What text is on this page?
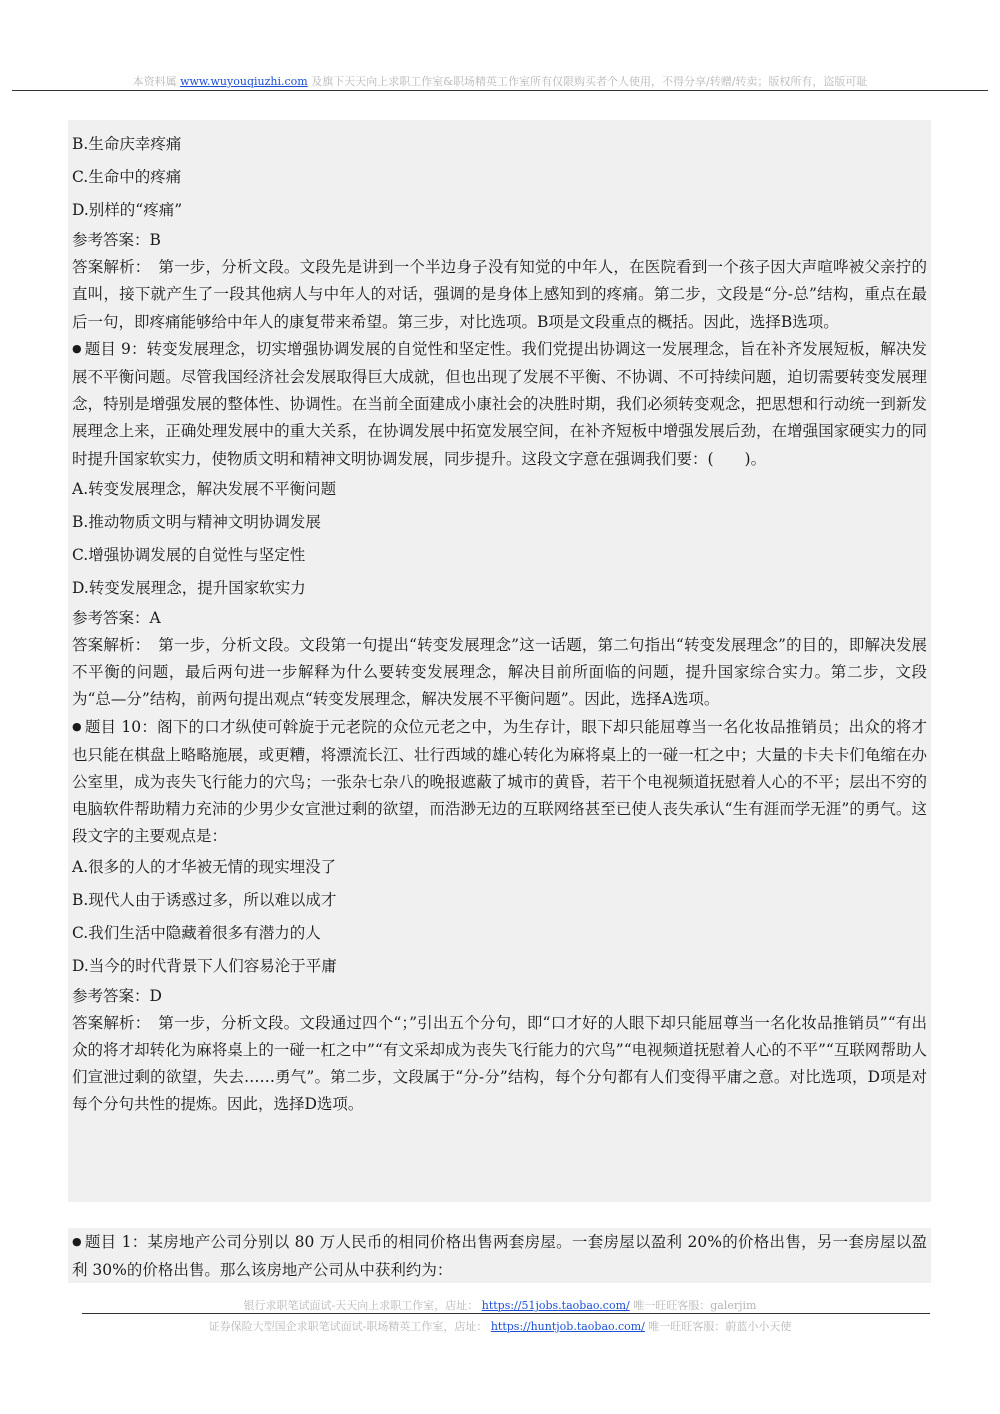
本资料属 www.wuyouqiuzhi.com 及旗下天天向上求职工作室&职场精英工作室所有仅限购买者个人使用，不得分享/转赠/转卖；版权所有，盗版可耻
B.生命庆幸疼痛
C.生命中的疼痛
D.别样的“疼痛”
参考答案：B
答案解析：　第一步，分析文段。文段先是讲到一个半边身子没有知觉的中年人，在医院看到一个孩子因大声喧哗被父亲拧的直叫，接下就产生了一段其他病人与中年人的对话，强调的是身体上感知到的疼痛。第二步，文段是“分-总”结构，重点在最后一句，即疼痛能够给中年人的康复带来希望。第三步，对比选项。B项是文段重点的概括。因此，选择B选项。
● 题目 9：转变发展理念，切实增强协调发展的自觉性和坚定性。我们党提出协调这一发展理念，旨在补齐发展短板，解决发展不平衡问题。尽管我国经济社会发展取得巨大成就，但也出现了发展不平衡、不协调、不可持续问题，迫切需要转变发展理念，特别是增强发展的整体性、协调性。在当前全面建成小康社会的决胜时期，我们必须转变观念，把思想和行动统一到新发展理念上来，正确处理发展中的重大关系，在协调发展中拓宽发展空间，在补齐短板中增强发展后劲，在增强国家硬实力的同时提升国家软实力，使物质文明和精神文明协调发展，同步提升。这段文字意在强调我们要：(　　)。
A.转变发展理念，解决发展不平衡问题
B.推动物质文明与精神文明协调发展
C.增强协调发展的自觉性与坚定性
D.转变发展理念，提升国家软实力
参考答案：A
答案解析：　第一步，分析文段。文段第一句提出“转变发展理念”这一话题，第二句指出“转变发展理念”的目的，即解决发展不平衡的问题，最后两句进一步解释为什么要转变发展理念，解决目前所面临的问题，提升国家综合实力。第二步，文段为“总—分”结构，前两句提出观点“转变发展理念，解决发展不平衡问题”。因此，选择A选项。
● 题目 10：阁下的口才纵使可斡旋于元老院的众位元老之中，为生存计，眼下却只能屈尊当一名化妆品推销员；出众的将才也只能在棋盘上略略施展，或更糟，将漂流长江、壮行西域的雄心转化为麻将桌上的一碰一杠之中；大量的卡夫卡们龟缩在办公室里，成为丧失飞行能力的穴鸟；一张杂七杂八的晚报遮蔽了城市的黄昏，若干个电视频道抚慰着人心的不平；层出不穷的电脑软件帮助精力充沛的少男少女宣泄过剩的欲望，而浩渺无边的互联网络甚至已使人丧失承认“生有涯而学无涯”的勇气。这段文字的主要观点是：
A.很多的人的才华被无情的现实埋没了
B.现代人由于诱惑过多，所以难以成才
C.我们生活中隐藏着很多有潜力的人
D.当今的时代背景下人们容易沦于平庸
参考答案：D
答案解析：　第一步，分析文段。文段通过四个“；”引出五个分句，即“口才好的人眼下却只能屈尊当一名化妆品推销员”“有出众的将才却转化为麻将桌上的一碰一杠之中”“有文采却成为丧失飞行能力的穴鸟”“电视频道抚慰着人心的不平”“互联网帮助人们宣泄过剩的欲望，失去……勇气”。第二步，文段属于“分-分”结构，每个分句都有人们变得平庸之意。对比选项，D项是对每个分句共性的提炼。因此，选择D选项。
● 题目 1：某房地产公司分别以 80 万人民币的相同价格出售两套房屋。一套房屋以盈利 20%的价格出售，另一套房屋以盈利 30%的价格出售。那么该房地产公司从中获利约为：
银行求职笔试面试-天天向上求职工作室，店址： https://51jobs.taobao.com/ 唯一旺旺客服：galerjim
证券保险大型国企求职笔试面试-职场精英工作室，店址： https://huntjob.taobao.com/ 唯一旺旺客服：蔚蓝小小天使
